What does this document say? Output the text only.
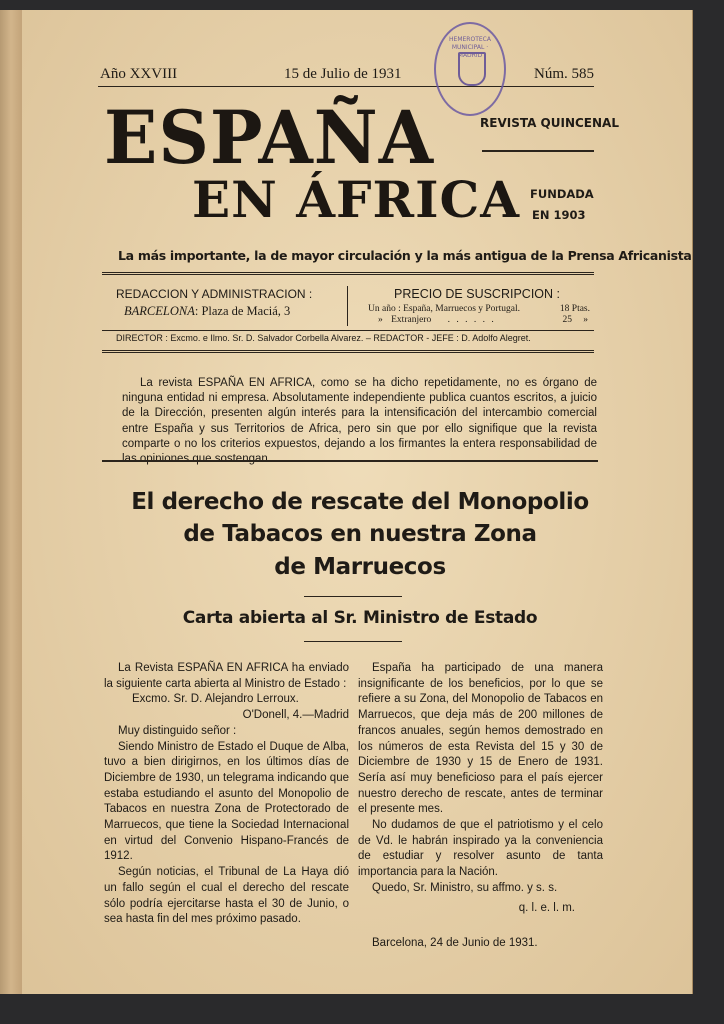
Año XXVIII	15 de Julio de 1931	Núm. 585
HEMEROTECA MUNICIPAL · MADRID
ESPAÑA
EN ÁFRICA
REVISTA QUINCENAL
FUNDADA
EN 1903
La más importante, la de mayor circulación y la más antigua de la Prensa Africanista
REDACCION Y ADMINISTRACION :
BARCELONA: Plaza de Maciá, 3
PRECIO DE SUSCRIPCION :
Un año : España, Marruecos y Portugal.	18 Ptas.
» Extranjero . . . . . .	25 »
DIRECTOR : Excmo. e Ilmo. Sr. D. Salvador Corbella Alvarez. – REDACTOR - JEFE : D. Adolfo Alegret.
La revista ESPAÑA EN AFRICA, como se ha dicho repetidamente, no es órgano de ninguna entidad ni empresa. Absolutamente independiente publica cuantos escritos, a juicio de la Dirección, presenten algún interés para la intensificación del intercambio comercial entre España y sus Territorios de Africa, pero sin que por ello signifique que la revista comparte o no los criterios expuestos, dejando a los firmantes la entera responsabilidad de las opiniones que sostengan.
El derecho de rescate del Monopolio
de Tabacos en nuestra Zona
de Marruecos
Carta abierta al Sr. Ministro de Estado

La Revista ESPAÑA EN AFRICA ha enviado la siguiente carta abierta al Ministro de Estado :

Excmo. Sr. D. Alejandro Lerroux.

O'Donell, 4.—Madrid

Muy distinguido señor :

Siendo Ministro de Estado el Duque de Alba, tuvo a bien dirigirnos, en los últimos días de Diciembre de 1930, un telegrama indicando que estaba estudiando el asunto del Monopolio de Tabacos en nuestra Zona de Protectorado de Marruecos, que tiene la Sociedad Internacional en virtud del Convenio Hispano-Francés de 1912.

Según noticias, el Tribunal de La Haya dió un fallo según el cual el derecho del rescate sólo podría ejercitarse hasta el 30 de Junio, o sea hasta fin del mes próximo pasado.

España ha participado de una manera insignificante de los beneficios, por lo que se refiere a su Zona, del Monopolio de Tabacos en Marruecos, que deja más de 200 millones de francos anuales, según hemos demostrado en los números de esta Revista del 15 y 30 de Diciembre de 1930 y 15 de Enero de 1931. Sería así muy beneficioso para el país ejercer nuestro derecho de rescate, antes de terminar el presente mes.

No dudamos de que el patriotismo y el celo de Vd. le habrán inspirado ya la conveniencia de estudiar y resolver asunto de tanta importancia para la Nación.

Quedo, Sr. Ministro, su affmo. y s. s.

q. l. e. l. m.

Barcelona, 24 de Junio de 1931.
